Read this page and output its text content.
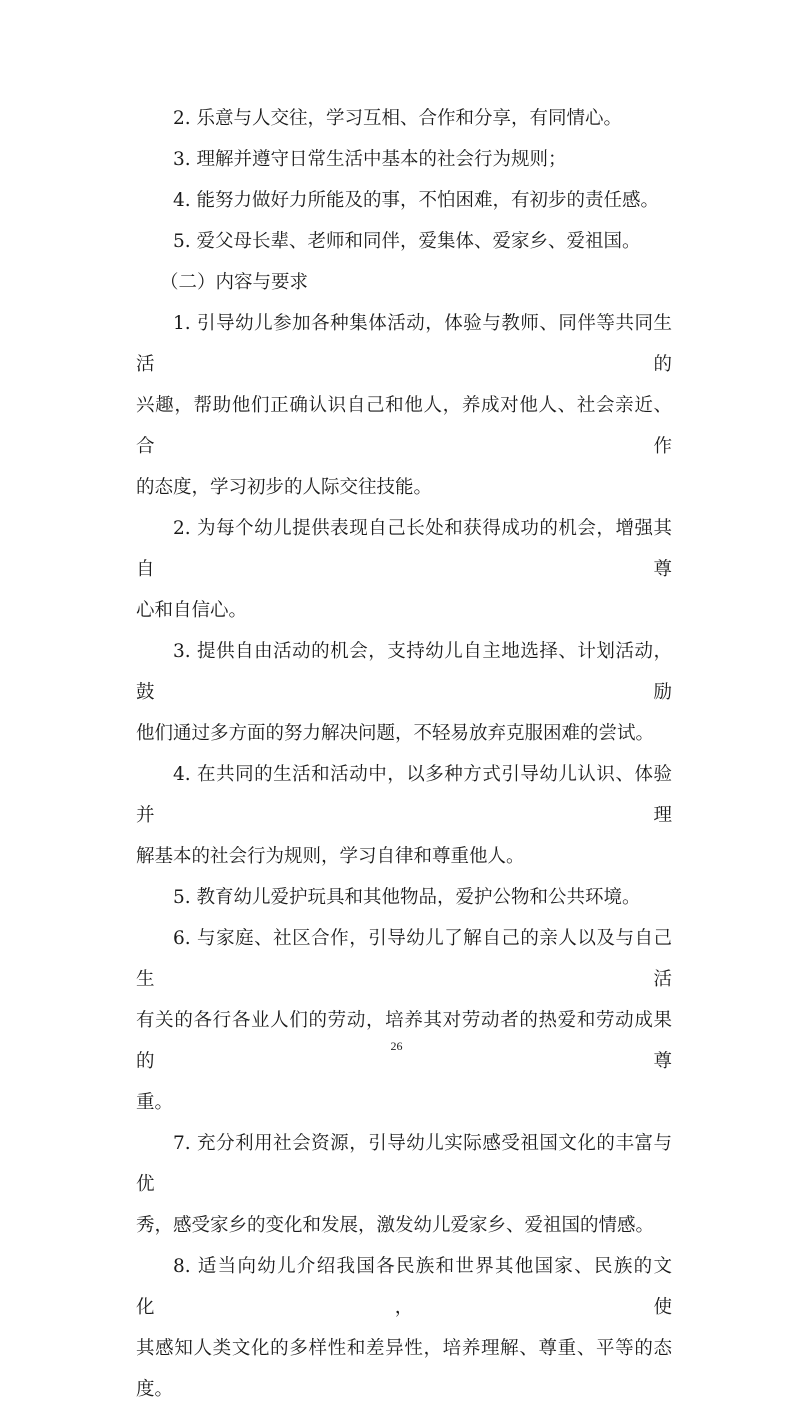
2. 乐意与人交往，学习互相、合作和分享，有同情心。

3. 理解并遵守日常生活中基本的社会行为规则；

4. 能努力做好力所能及的事，不怕困难，有初步的责任感。

5. 爱父母长辈、老师和同伴，爱集体、爱家乡、爱祖国。

（二）内容与要求

1. 引导幼儿参加各种集体活动，体验与教师、同伴等共同生活的
兴趣，帮助他们正确认识自己和他人，养成对他人、社会亲近、合作
的态度，学习初步的人际交往技能。

2. 为每个幼儿提供表现自己长处和获得成功的机会，增强其自尊
心和自信心。

3. 提供自由活动的机会，支持幼儿自主地选择、计划活动，鼓励
他们通过多方面的努力解决问题，不轻易放弃克服困难的尝试。

4. 在共同的生活和活动中，以多种方式引导幼儿认识、体验并理
解基本的社会行为规则，学习自律和尊重他人。

5. 教育幼儿爱护玩具和其他物品，爱护公物和公共环境。

6. 与家庭、社区合作，引导幼儿了解自己的亲人以及与自己生活
有关的各行各业人们的劳动，培养其对劳动者的热爱和劳动成果的尊
重。

7. 充分利用社会资源，引导幼儿实际感受祖国文化的丰富与优
秀，感受家乡的变化和发展，激发幼儿爱家乡、爱祖国的情感。

8. 适当向幼儿介绍我国各民族和世界其他国家、民族的文化，使
其感知人类文化的多样性和差异性，培养理解、尊重、平等的态度。

26
